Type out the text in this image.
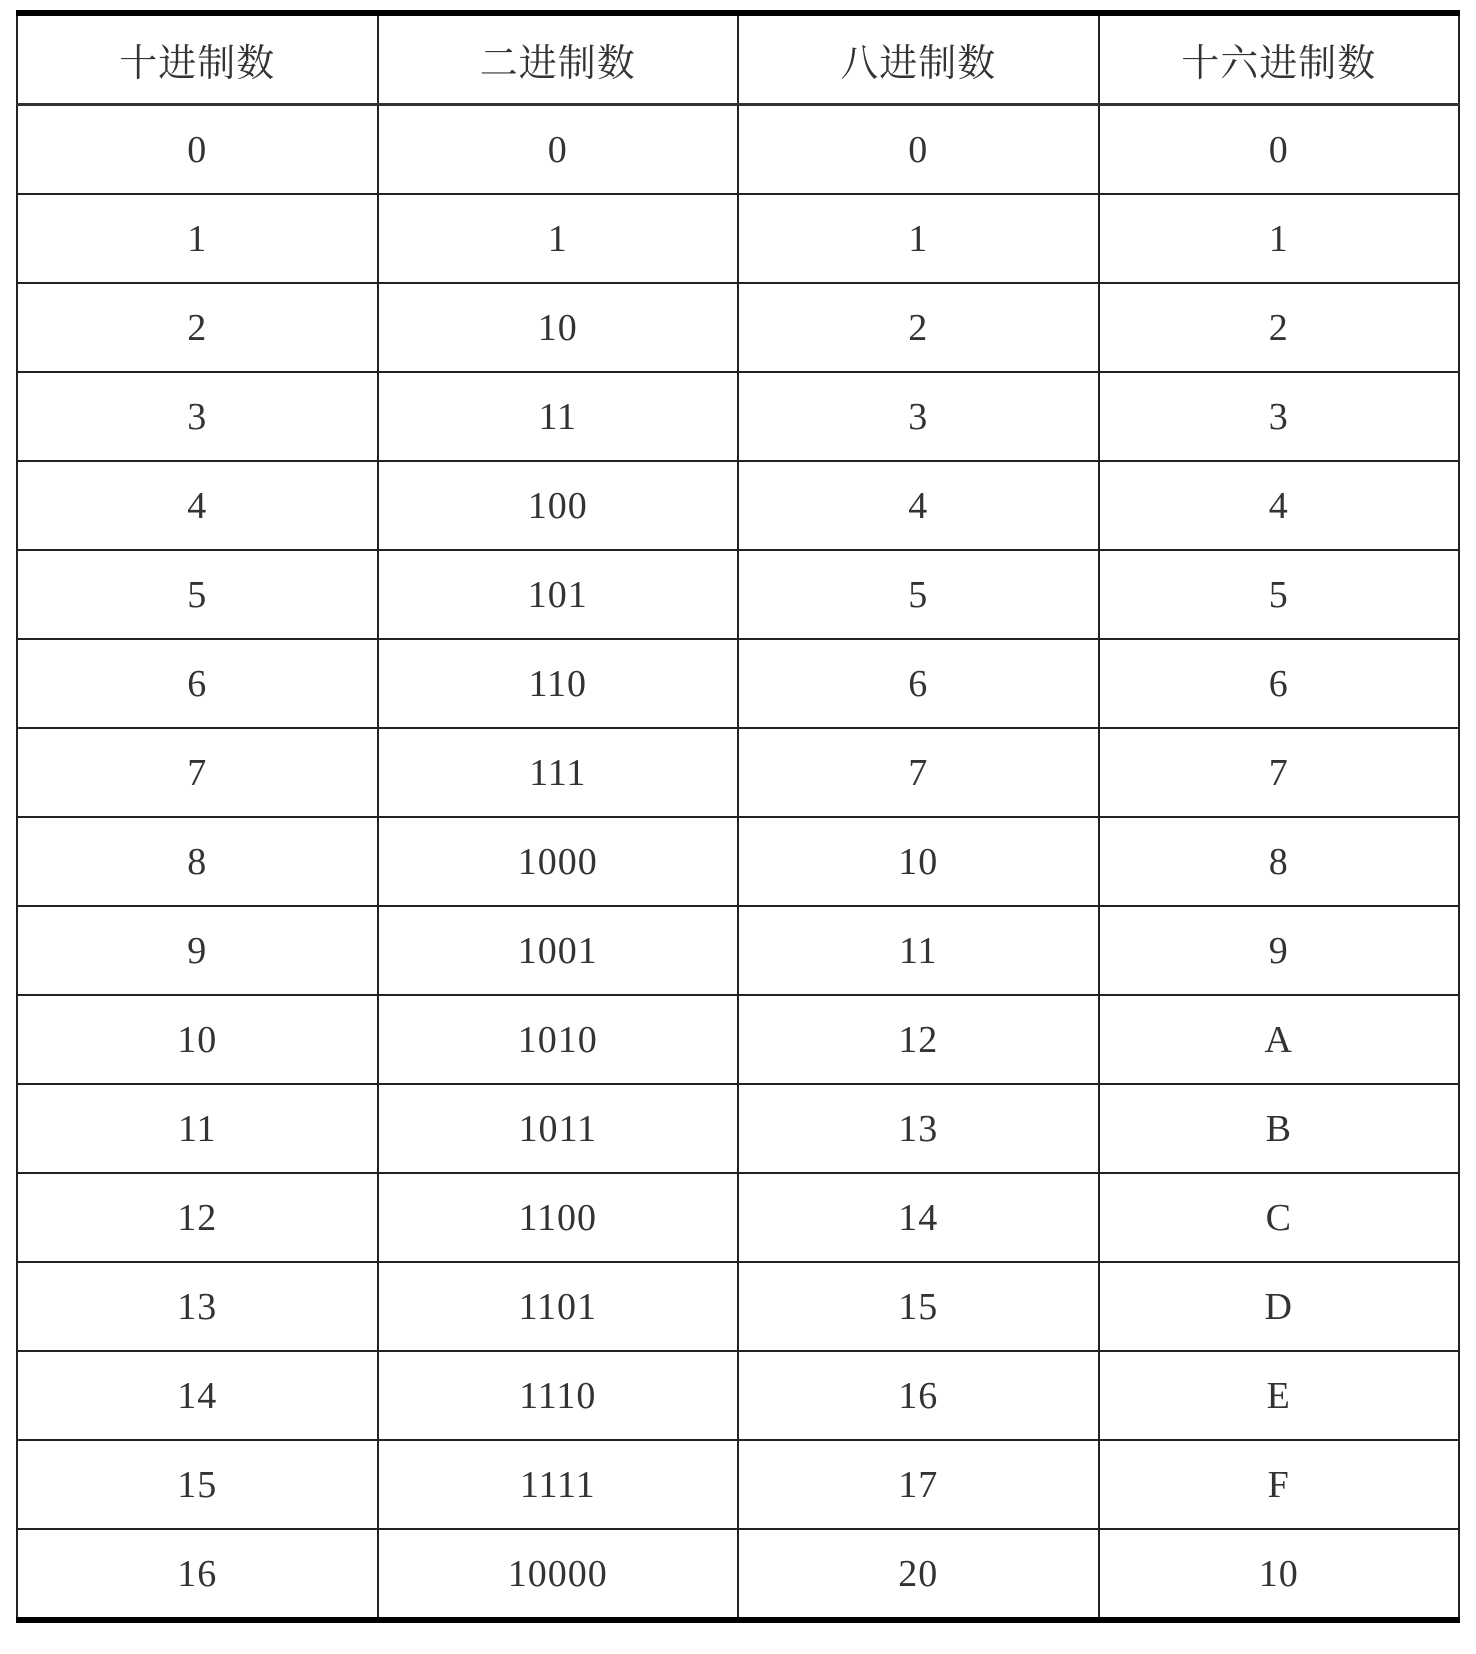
十进制数	二进制数	八进制数	十六进制数
0	0	0	0
1	1	1	1
2	10	2	2
3	11	3	3
4	100	4	4
5	101	5	5
6	110	6	6
7	111	7	7
8	1000	10	8
9	1001	11	9
10	1010	12	A
11	1011	13	B
12	1100	14	C
13	1101	15	D
14	1110	16	E
15	1111	17	F
16	10000	20	10
